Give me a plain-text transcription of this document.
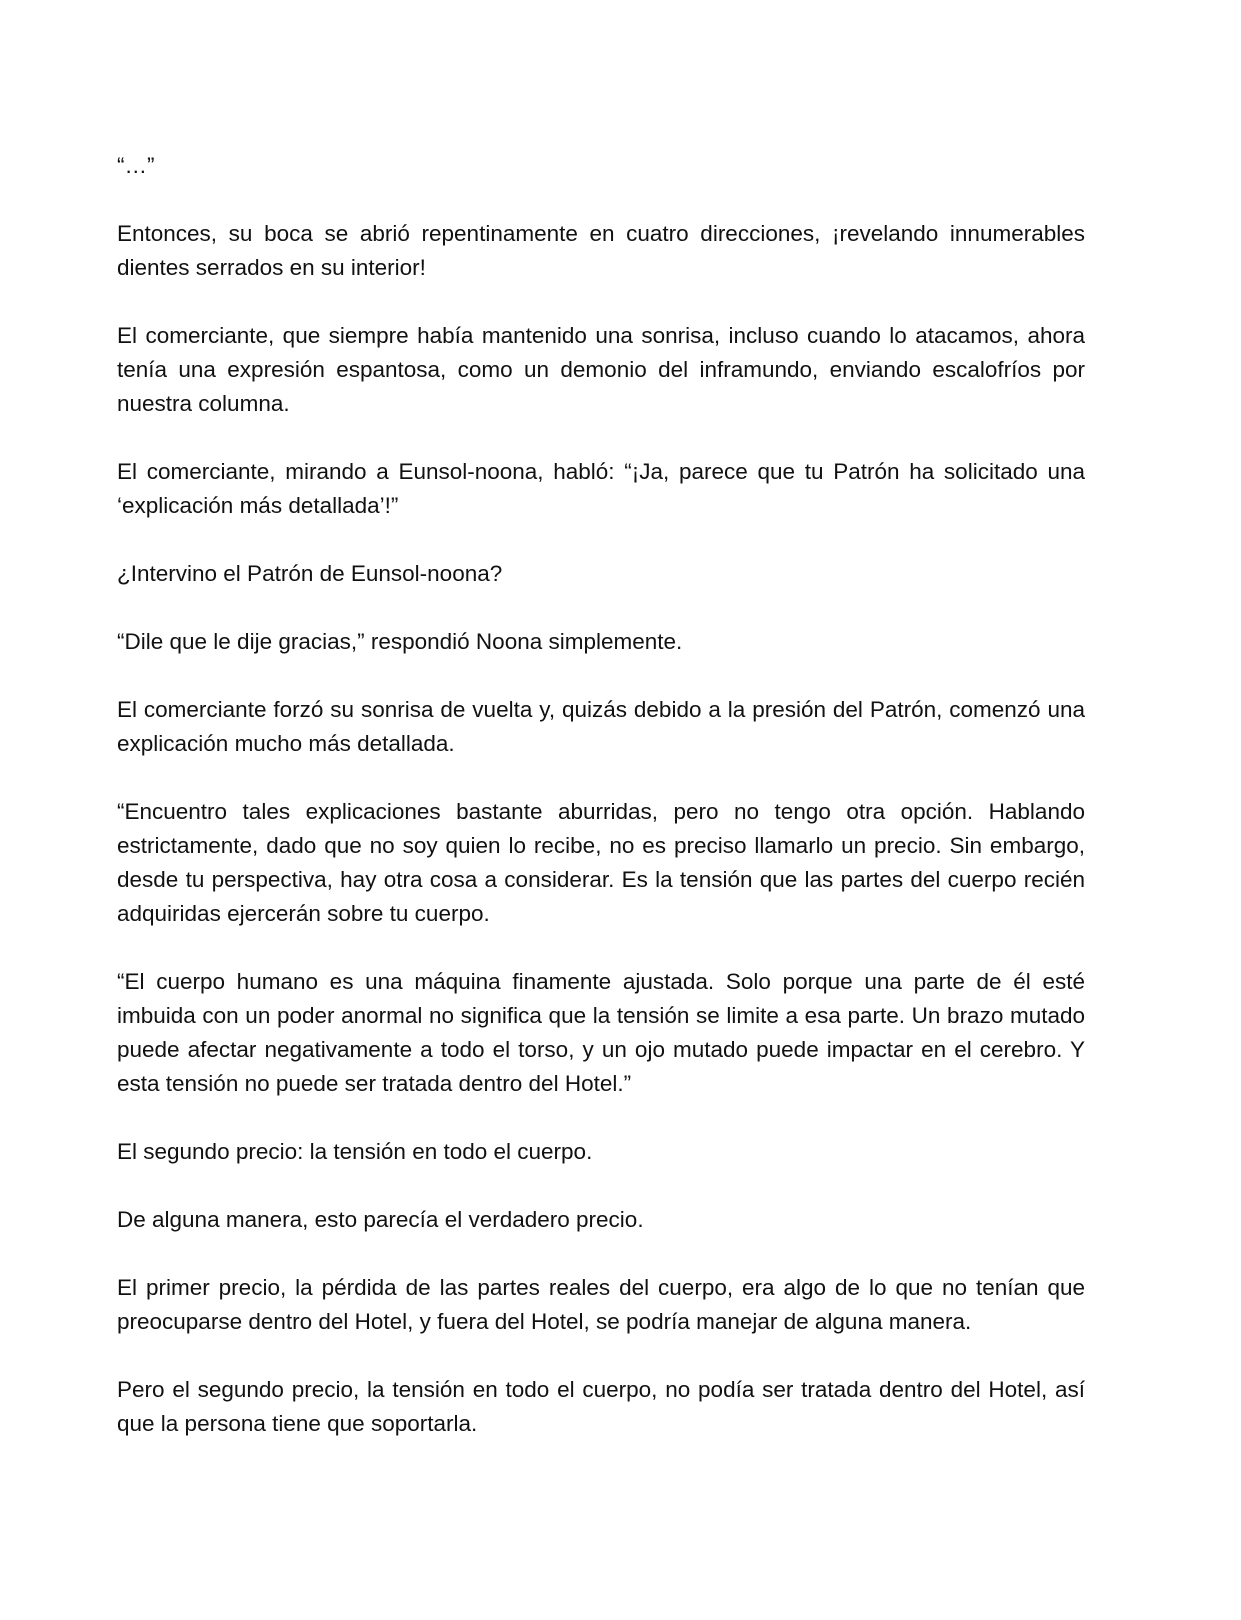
“…”

Entonces, su boca se abrió repentinamente en cuatro direcciones, ¡revelando innumerables dientes serrados en su interior!

El comerciante, que siempre había mantenido una sonrisa, incluso cuando lo atacamos, ahora tenía una expresión espantosa, como un demonio del inframundo, enviando escalofríos por nuestra columna.

El comerciante, mirando a Eunsol-noona, habló: “¡Ja, parece que tu Patrón ha solicitado una ‘explicación más detallada’!”

¿Intervino el Patrón de Eunsol-noona?

“Dile que le dije gracias,” respondió Noona simplemente.

El comerciante forzó su sonrisa de vuelta y, quizás debido a la presión del Patrón, comenzó una explicación mucho más detallada.

“Encuentro tales explicaciones bastante aburridas, pero no tengo otra opción. Hablando estrictamente, dado que no soy quien lo recibe, no es preciso llamarlo un precio. Sin embargo, desde tu perspectiva, hay otra cosa a considerar. Es la tensión que las partes del cuerpo recién adquiridas ejercerán sobre tu cuerpo.

“El cuerpo humano es una máquina finamente ajustada. Solo porque una parte de él esté imbuida con un poder anormal no significa que la tensión se limite a esa parte. Un brazo mutado puede afectar negativamente a todo el torso, y un ojo mutado puede impactar en el cerebro. Y esta tensión no puede ser tratada dentro del Hotel.”

El segundo precio: la tensión en todo el cuerpo.

De alguna manera, esto parecía el verdadero precio.

El primer precio, la pérdida de las partes reales del cuerpo, era algo de lo que no tenían que preocuparse dentro del Hotel, y fuera del Hotel, se podría manejar de alguna manera.

Pero el segundo precio, la tensión en todo el cuerpo, no podía ser tratada dentro del Hotel, así que la persona tiene que soportarla.
